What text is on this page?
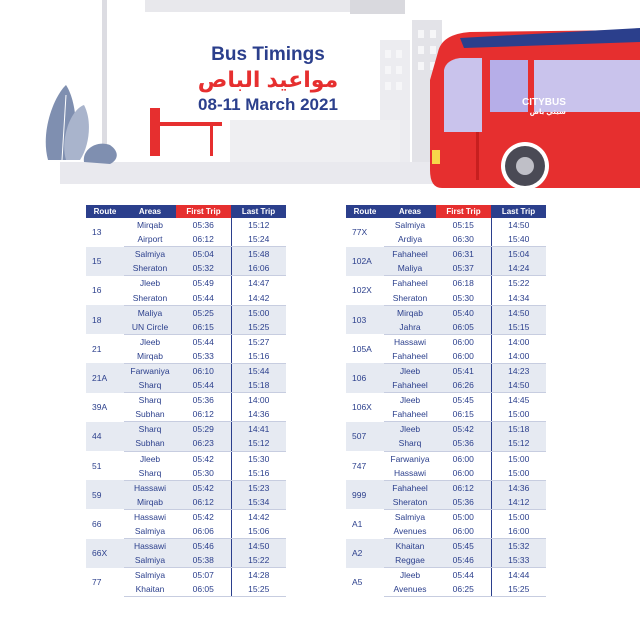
Bus Timings
مواعيد الباص
08-11 March 2021	CITYBUS
سيتي باص
Route	Areas	First Trip	Last Trip
13	Mirqab	05:36	15:12
	Airport	06:12	15:24
15	Salmiya	05:04	15:48
	Sheraton	05:32	16:06
16	Jleeb	05:49	14:47
	Sheraton	05:44	14:42
18	Maliya	05:25	15:00
	UN Circle	06:15	15:25
21	Jleeb	05:44	15:27
	Mirqab	05:33	15:16
21A	Farwaniya	06:10	15:44
	Sharq	05:44	15:18
39A	Sharq	05:36	14:00
	Subhan	06:12	14:36
44	Sharq	05:29	14:41
	Subhan	06:23	15:12
51	Jleeb	05:42	15:30
	Sharq	05:30	15:16
59	Hassawi	05:42	15:23
	Mirqab	06:12	15:34
66	Hassawi	05:42	14:42
	Salmiya	06:06	15:06
66X	Hassawi	05:46	14:50
	Salmiya	05:38	15:22
77	Salmiya	05:07	14:28
	Khaitan	06:05	15:25
Route	Areas	First Trip	Last Trip
77X	Salmiya	05:15	14:50
	Ardiya	06:30	15:40
102A	Fahaheel	06:31	15:04
	Maliya	05:37	14:24
102X	Fahaheel	06:18	15:22
	Sheraton	05:30	14:34
103	Mirqab	05:40	14:50
	Jahra	06:05	15:15
105A	Hassawi	06:00	14:00
	Fahaheel	06:00	14:00
106	Jleeb	05:41	14:23
	Fahaheel	06:26	14:50
106X	Jleeb	05:45	14:45
	Fahaheel	06:15	15:00
507	Jleeb	05:42	15:18
	Sharq	05:36	15:12
747	Farwaniya	06:00	15:00
	Hassawi	06:00	15:00
999	Fahaheel	06:12	14:36
	Sheraton	05:36	14:12
A1	Salmiya	05:00	15:00
	Avenues	06:00	16:00
A2	Khaitan	05:45	15:32
	Reggae	05:46	15:33
A5	Jleeb	05:44	14:44
	Avenues	06:25	15:25
